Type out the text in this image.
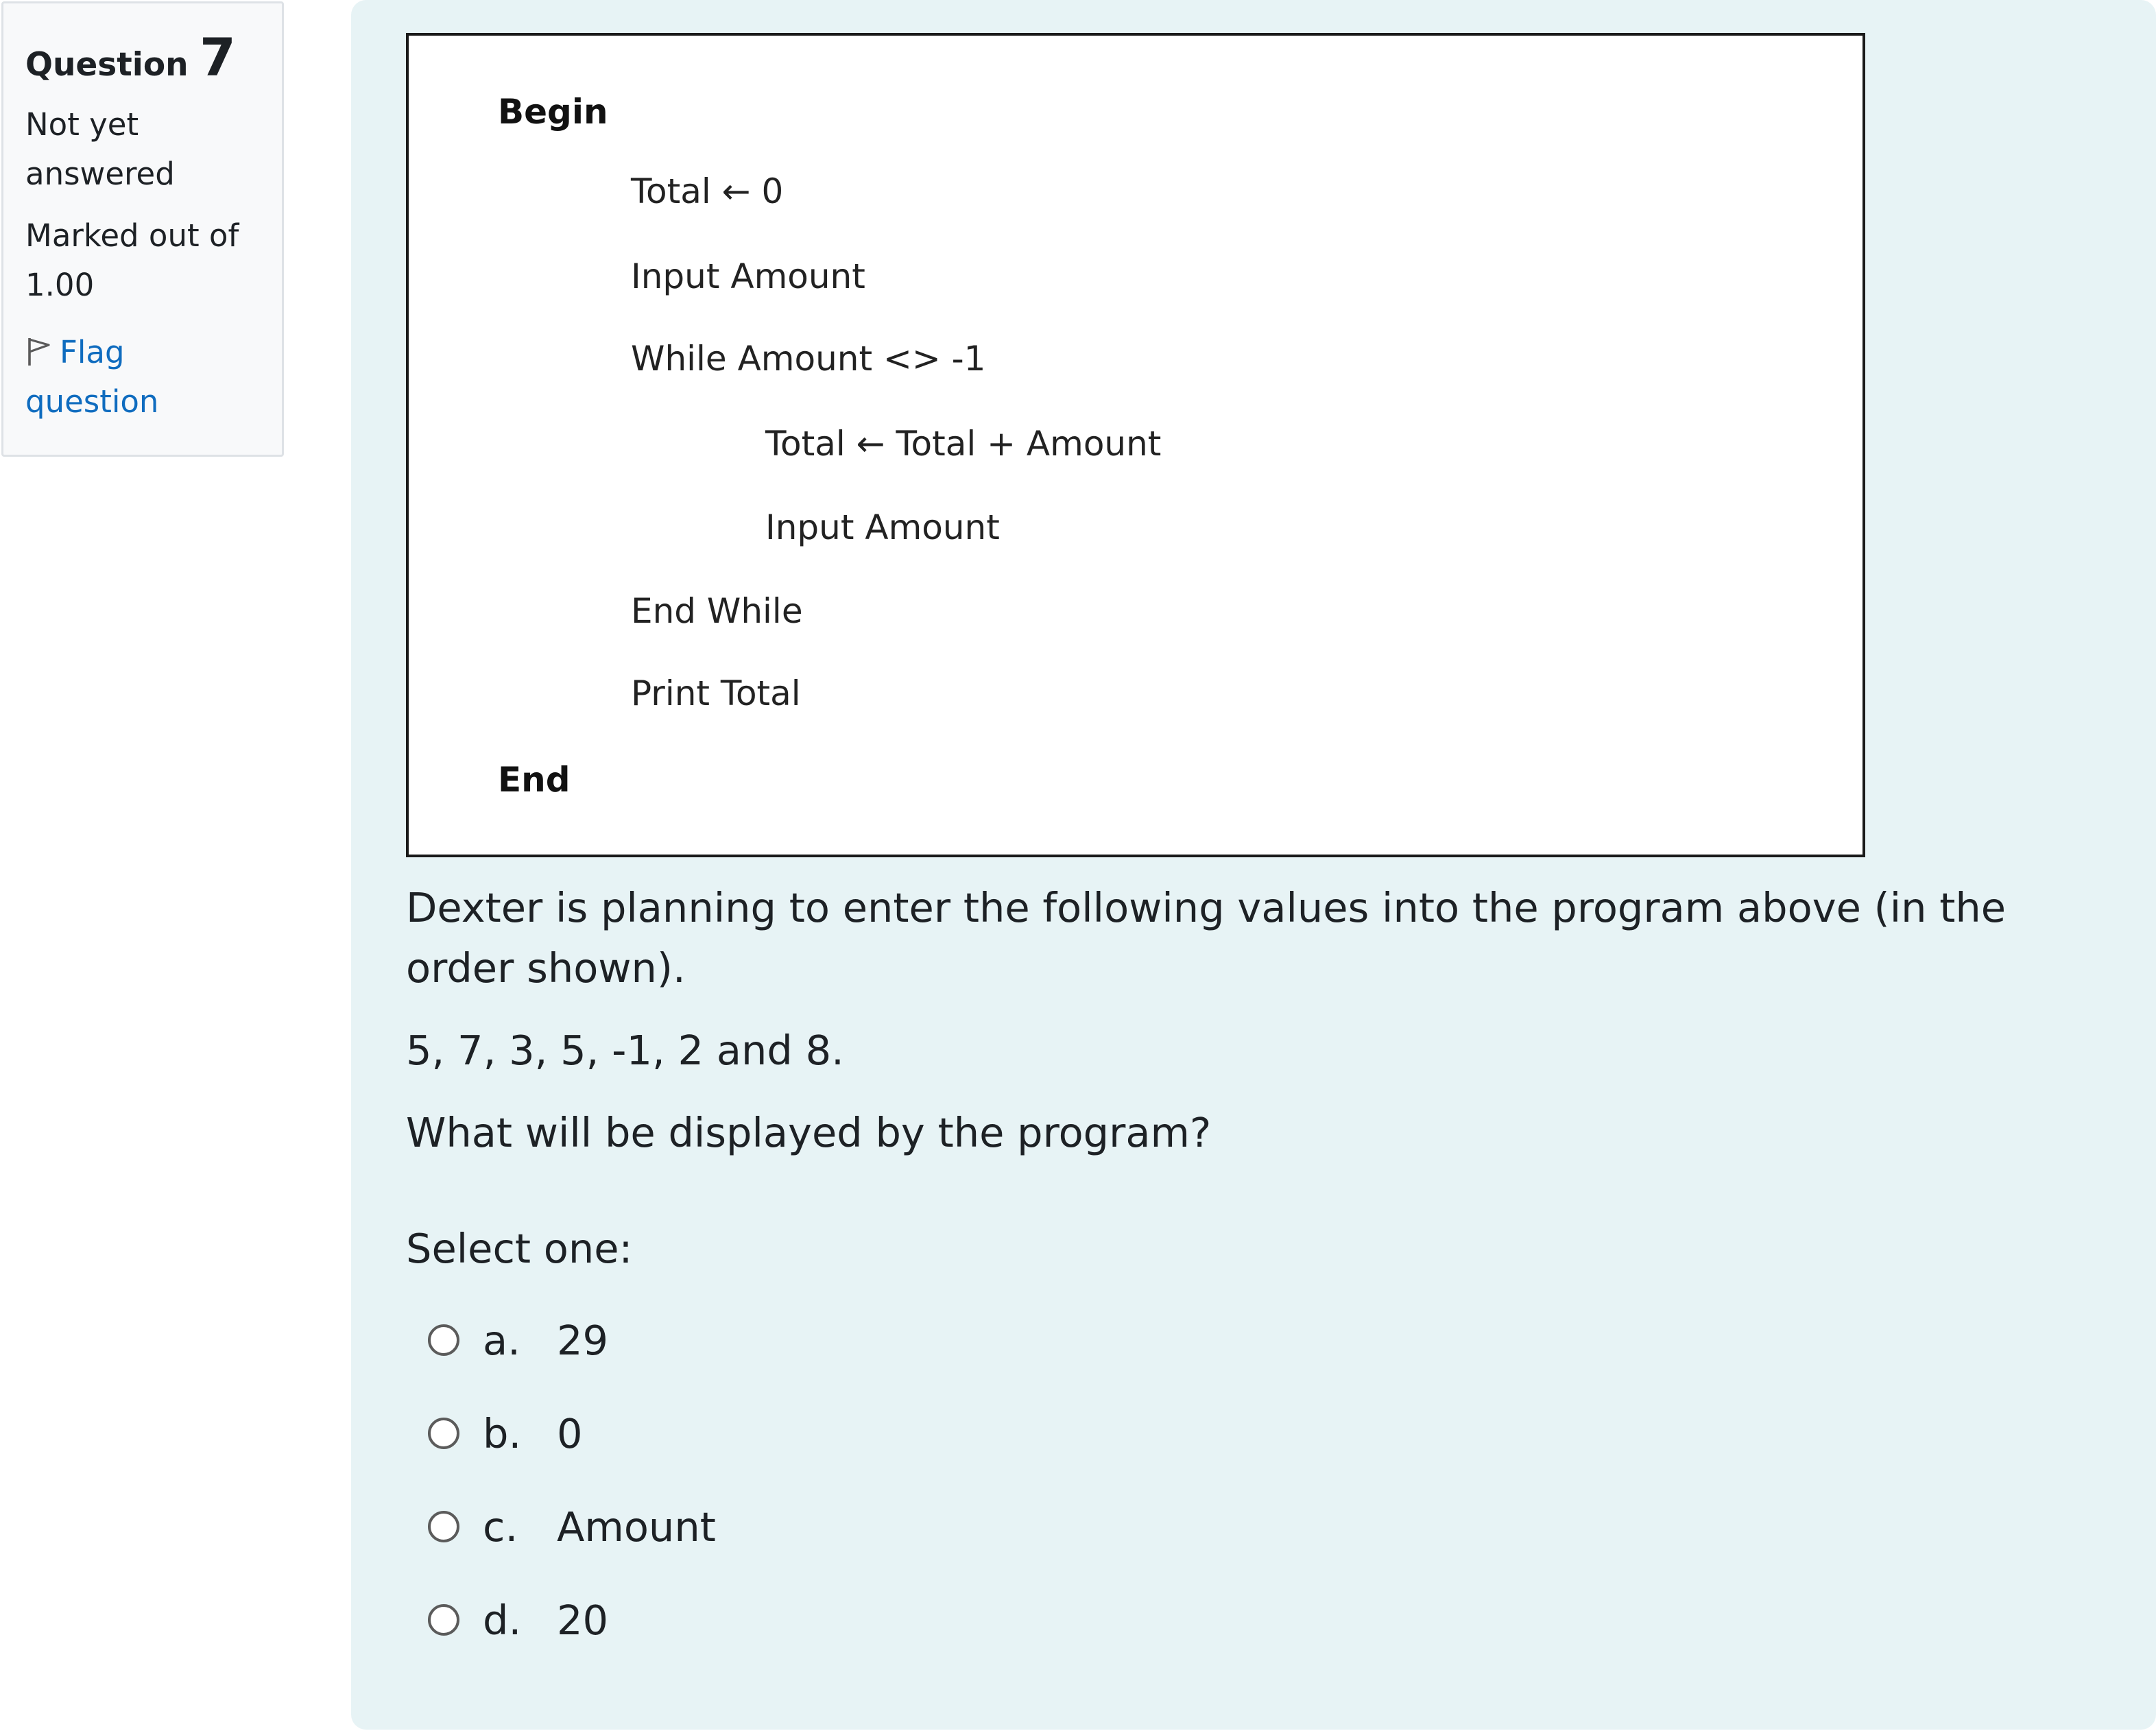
Question 7
Not yet
answered
Marked out of
1.00
Flag
question
Begin
Total ← 0
Input Amount
While Amount <> -1
Total ← Total + Amount
Input Amount
End While
Print Total
End

Dexter is planning to enter the following values into the program above (in the order shown).

5, 7, 3, 5, -1, 2 and 8.

What will be displayed by the program?

Select one:
a. 29
b. 0
c. Amount
d. 20
